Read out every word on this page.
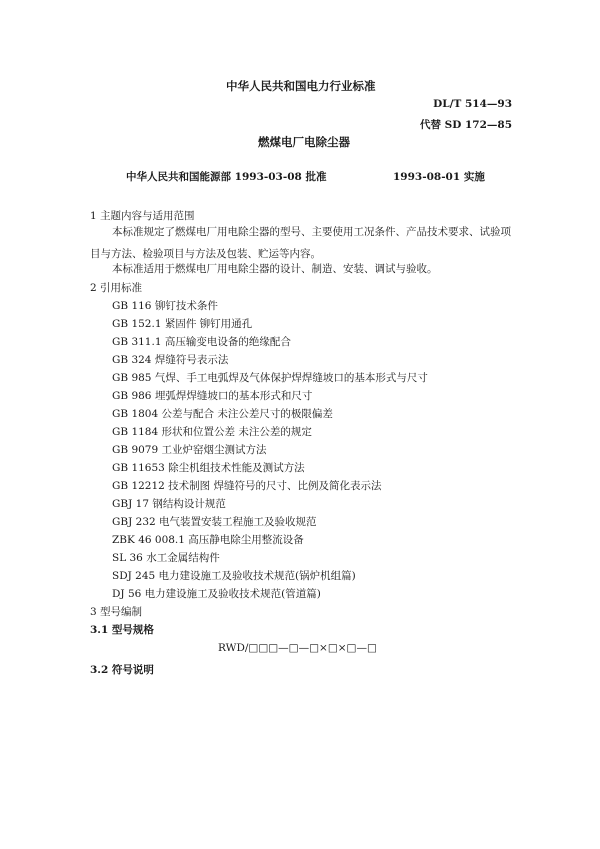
中华人民共和国电力行业标准
DL/T 514—93
代替 SD 172—85
燃煤电厂电除尘器
中华人民共和国能源部 1993-03-08 批准	1993-08-01 实施
1 主题内容与适用范围
本标准规定了燃煤电厂用电除尘器的型号、主要使用工况条件、产品技术要求、试验项目与方法、检验项目与方法及包装、贮运等内容。
本标准适用于燃煤电厂用电除尘器的设计、制造、安装、调试与验收。
2 引用标准
GB 116 铆钉技术条件
GB 152.1 紧固件 铆钉用通孔
GB 311.1 高压输变电设备的绝缘配合
GB 324 焊缝符号表示法
GB 985 气焊、手工电弧焊及气体保护焊焊缝坡口的基本形式与尺寸
GB 986 埋弧焊焊缝坡口的基本形式和尺寸
GB 1804 公差与配合 未注公差尺寸的极限偏差
GB 1184 形状和位置公差 未注公差的规定
GB 9079 工业炉窑烟尘测试方法
GB 11653 除尘机组技术性能及测试方法
GB 12212 技术制图 焊缝符号的尺寸、比例及简化表示法
GBJ 17 钢结构设计规范
GBJ 232 电气装置安装工程施工及验收规范
ZBK 46 008.1 高压静电除尘用整流设备
SL 36 水工金属结构件
SDJ 245 电力建设施工及验收技术规范(锅炉机组篇)
DJ 56 电力建设施工及验收技术规范(管道篇)
3 型号编制
3.1 型号规格
RWD/□□□—□—□×□×□—□
3.2 符号说明
